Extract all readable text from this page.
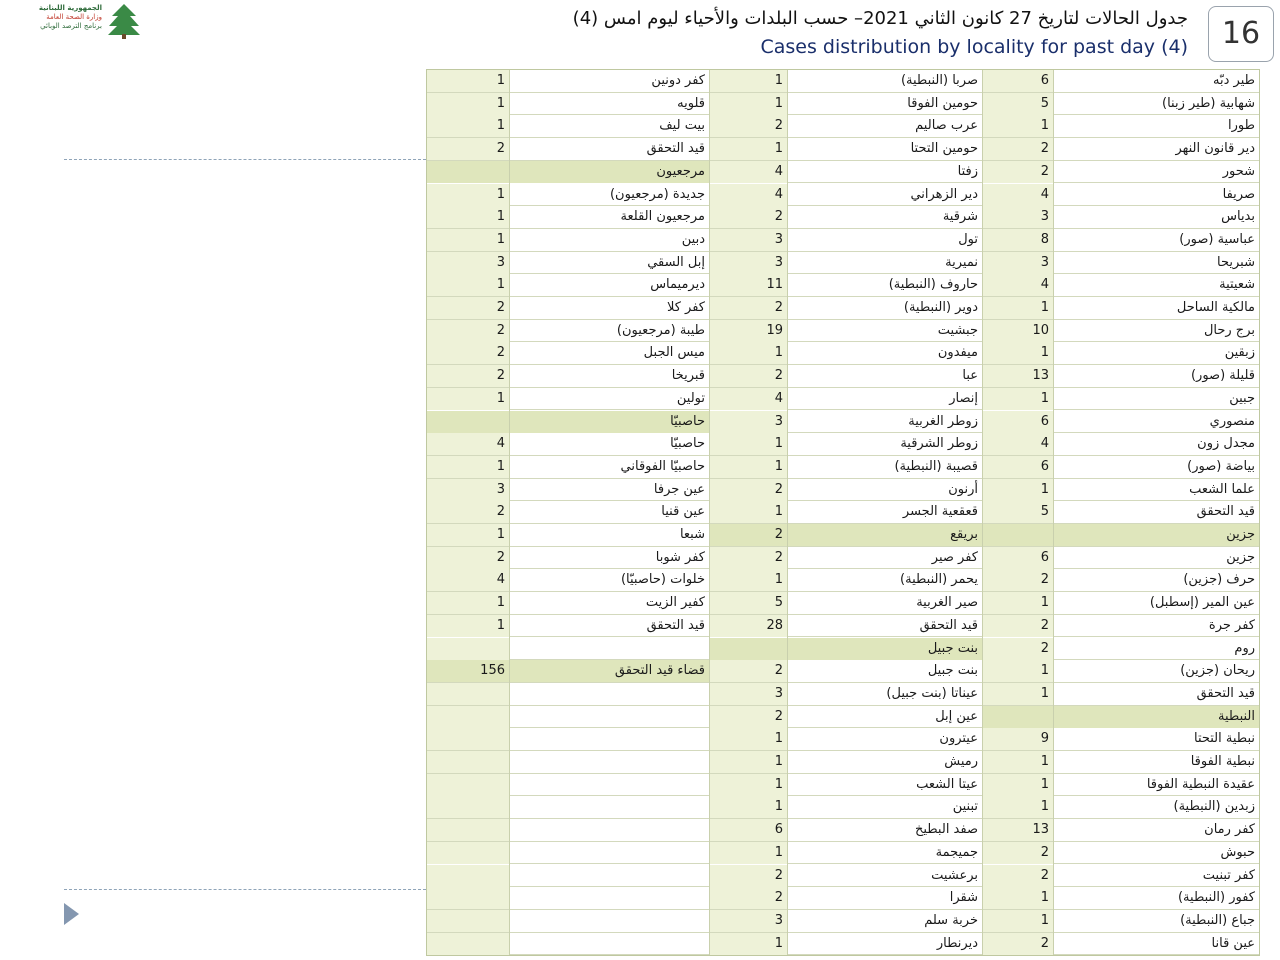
الجمهورية اللبنانية
وزارة الصحة العامة
برنامج الترصد الوبائي	جدول الحالات لتاريخ 27 كانون الثاني 2021– حسب البلدات والأحياء ليوم امس (4)
Cases distribution by locality for past day (4)	16
طير دبّه
6
صربا (النبطية)
1
كفر دونين
1
شهابية (طير زبنا)
5
حومين الفوقا
1
قلويه
1
طورا
1
عرب صاليم
2
بيت ليف
1
دير قانون النهر
2
حومين التحتا
1
قيد التحقق
2
شحور
2
زفتا
4
مرجعيون
صريفا
4
دير الزهراني
4
جديدة (مرجعيون)
1
بدياس
3
شرقية
2
مرجعيون القلعة
1
عباسية (صور)
8
تول
3
دبين
1
شبريحا
3
نميرية
3
إبل السقي
3
شعيتية
4
حاروف (النبطية)
11
ديرميماس
1
مالكية الساحل
1
دوير (النبطية)
2
كفر كلا
2
برج رحال
10
جبشيت
19
طيبة (مرجعيون)
2
زبقين
1
ميفدون
1
ميس الجبل
2
قليلة (صور)
13
عبا
2
قبريخا
2
جبين
1
إنصار
4
تولين
1
منصوري
6
زوطر الغربية
3
حاصبيّا
مجدل زون
4
زوطر الشرقية
1
حاصبيّا
4
بياضة (صور)
6
قصيبة (النبطية)
1
حاصبيّا الفوقاني
1
علما الشعب
1
أرنون
2
عين جرفا
3
قيد التحقق
5
قعقعية الجسر
1
عين قنيا
2
جزين
بريقع
2
شبعا
1
جزين
6
كفر صير
2
كفر شوبا
2
حرف (جزين)
2
يحمر (النبطية)
1
خلوات (حاصبيّا)
4
عين المير (إسطبل)
1
صير الغربية
5
كفير الزيت
1
كفر جرة
2
قيد التحقق
28
قيد التحقق
1
روم
2
بنت جبيل
ريحان (جزين)
1
بنت جبيل
2
قضاء قيد التحقق
156
قيد التحقق
1
عيناتا (بنت جبيل)
3
النبطية
عين إبل
2
نبطية التحتا
9
عيترون
1
نبطية الفوقا
1
رميش
1
عقيدة النبطية الفوقا
1
عيتا الشعب
1
زبدين (النبطية)
1
تبنين
1
كفر رمان
13
صفد البطيخ
6
حبوش
2
جميجمة
1
كفر تبنيت
2
برعشيت
2
كفور (النبطية)
1
شقرا
2
جباع (النبطية)
1
خربة سلم
3
عين قانا
2
ديرنطار
1
